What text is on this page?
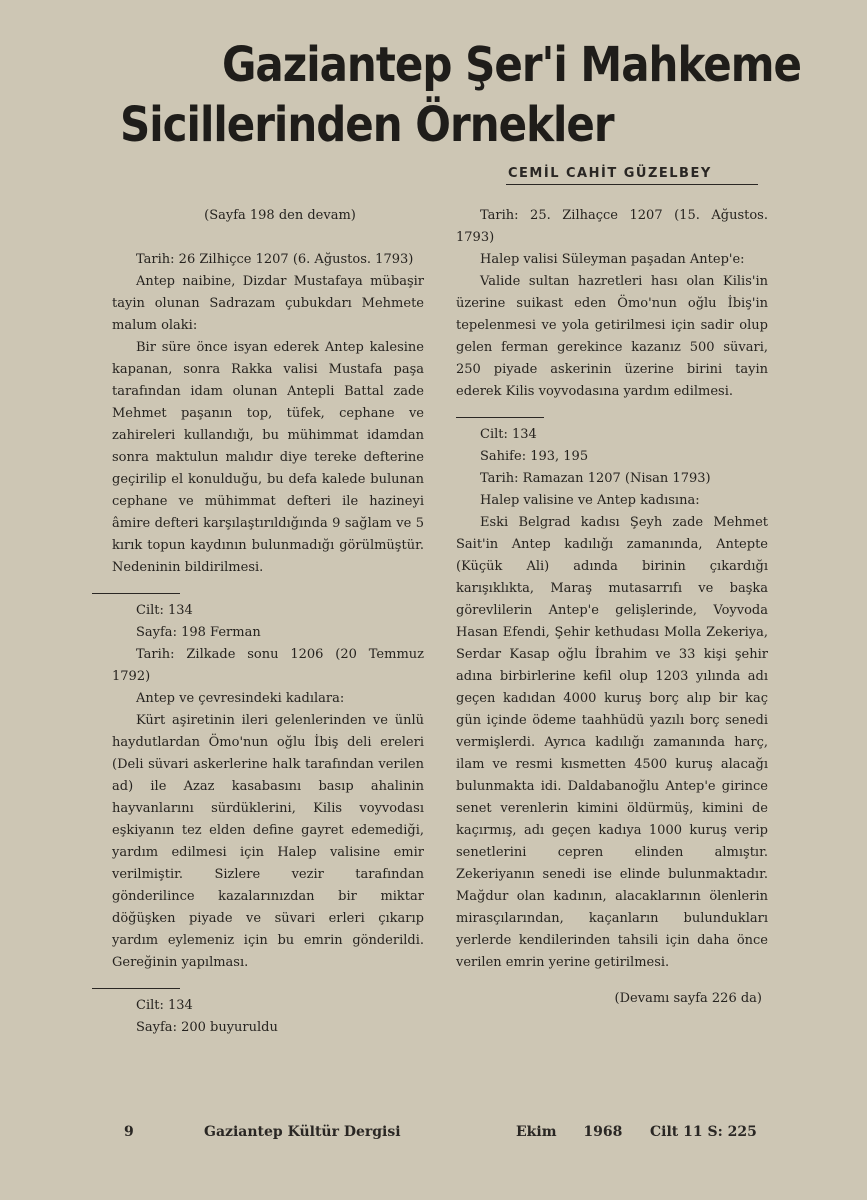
Gaziantep Şer'i Mahkeme
Sicillerinden Örnekler
CEMİL CAHİT GÜZELBEY

(Sayfa 198 den devam)

Tarih: 26 Zilhiçce 1207 (6. Ağustos. 1793)

Antep naibine, Dizdar Mustafaya mübaşir tayin olunan Sadrazam çubukdarı Mehmete malum olaki:

Bir süre önce isyan ederek Antep kalesine kapanan, sonra Rakka valisi Mustafa paşa tarafından idam olunan Antepli Battal zade Mehmet paşanın top, tüfek, cephane ve zahireleri kullandığı, bu mühimmat idamdan sonra maktulun malıdır diye tereke defterine geçirilip el konulduğu, bu defa kalede bulunan cephane ve mühimmat defteri ile hazineyi âmire defteri karşılaştırıldığında 9 sağlam ve 5 kırık topun kaydının bulunmadığı görülmüştür. Nedeninin bildirilmesi.

Cilt: 134

Sayfa: 198 Ferman

Tarih: Zilkade sonu 1206 (20 Temmuz 1792)

Antep ve çevresindeki kadılara:

Kürt aşiretinin ileri gelenlerinden ve ünlü haydutlardan Ömo'nun oğlu İbiş deli ereleri (Deli süvari askerlerine halk tarafından verilen ad) ile Azaz kasabasını basıp ahalinin hayvanlarını sürdüklerini, Kilis voyvodası eşkiyanın tez elden define gayret edemediği, yardım edilmesi için Halep valisine emir verilmiştir. Sizlere vezir tarafından gönderilince kazalarınızdan bir miktar döğüşken piyade ve süvari erleri çıkarıp yardım eylemeniz için bu emrin gönderildi. Gereğinin yapılması.

Cilt: 134

Sayfa: 200 buyuruldu

Tarih: 25. Zilhaçce 1207 (15. Ağustos. 1793)

Halep valisi Süleyman paşadan Antep'e:

Valide sultan hazretleri hası olan Kilis'in üzerine suikast eden Ömo'nun oğlu İbiş'in tepelenmesi ve yola getirilmesi için sadir olup gelen ferman gerekince kazanız 500 süvari, 250 piyade askerinin üzerine birini tayin ederek Kilis voyvodasına yardım edilmesi.

Cilt: 134

Sahife: 193, 195

Tarih: Ramazan 1207 (Nisan 1793)

Halep valisine ve Antep kadısına:

Eski Belgrad kadısı Şeyh zade Mehmet Sait'in Antep kadılığı zamanında, Antepte (Küçük Ali) adında birinin çıkardığı karışıklıkta, Maraş mutasarrıfı ve başka görevlilerin Antep'e gelişlerinde, Voyvoda Hasan Efendi, Şehir kethudası Molla Zekeriya, Serdar Kasap oğlu İbrahim ve 33 kişi şehir adına birbirlerine kefil olup 1203 yılında adı geçen kadıdan 4000 kuruş borç alıp bir kaç gün içinde ödeme taahhüdü yazılı borç senedi vermişlerdi. Ayrıca kadılığı zamanında harç, ilam ve resmi kısmetten 4500 kuruş alacağı bulunmakta idi. Daldabanoğlu Antep'e girince senet verenlerin kimini öldürmüş, kimini de kaçırmış, adı geçen kadıya 1000 kuruş verip senetlerini cepren elinden almıştır. Zekeriyanın senedi ise elinde bulunmaktadır. Mağdur olan kadının, alacaklarının ölenlerin mirasçılarından, kaçanların bulundukları yerlerde kendilerinden tahsili için daha önce verilen emrin yerine getirilmesi.

(Devamı sayfa 226 da)

9	Gaziantep Kültür Dergisi	Ekim 1968 Cilt 11 S: 225
